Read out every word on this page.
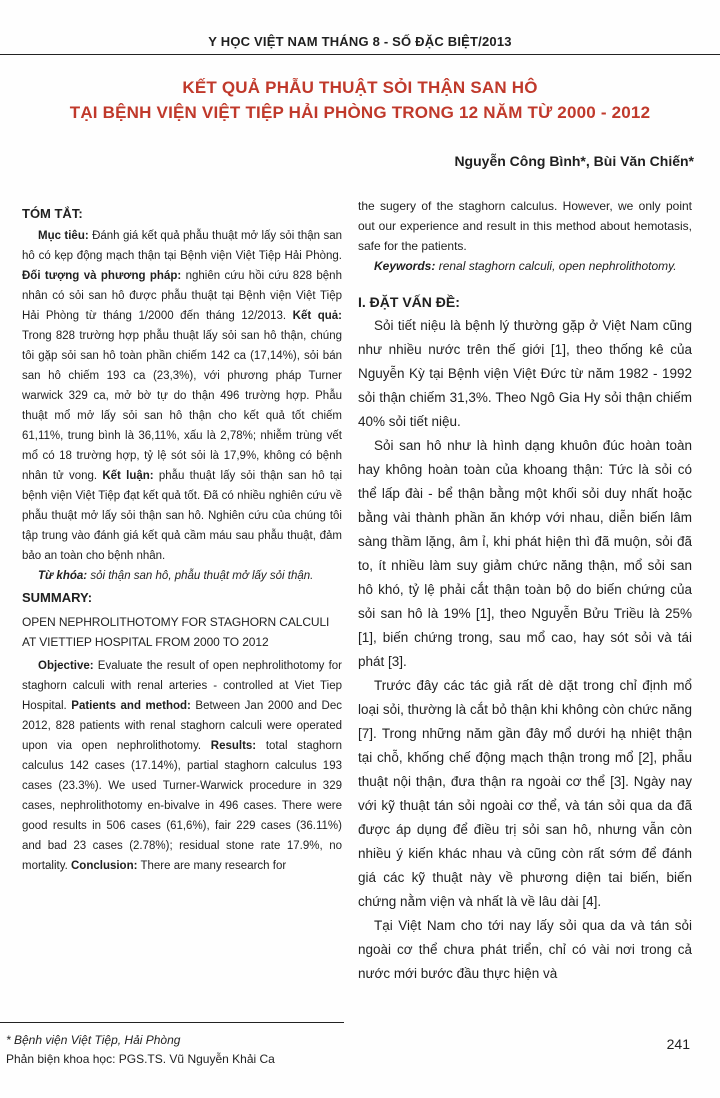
Y HỌC VIỆT NAM THÁNG 8 - SỐ ĐẶC BIỆT/2013
KẾT QUẢ PHẪU THUẬT SỎI THẬN SAN HÔ
TẠI BỆNH VIỆN VIỆT TIỆP HẢI PHÒNG TRONG 12 NĂM TỪ 2000 - 2012
Nguyễn Công Bình*, Bùi Văn Chiến*

TÓM TẮT:

Mục tiêu: Đánh giá kết quả phẫu thuật mở lấy sỏi thận san hô có kẹp động mạch thận tại Bệnh viện Việt Tiệp Hải Phòng. Đối tượng và phương pháp: nghiên cứu hồi cứu 828 bệnh nhân có sỏi san hô được phẫu thuật tại Bệnh viện Việt Tiệp Hải Phòng từ tháng 1/2000 đến tháng 12/2013. Kết quả: Trong 828 trường hợp phẫu thuật lấy sỏi san hô thận, chúng tôi gặp sỏi san hô toàn phần chiếm 142 ca (17,14%), sỏi bán san hô chiếm 193 ca (23,3%), với phương pháp Turner warwick 329 ca, mở bờ tự do thận 496 trường hợp. Phẫu thuật mổ mở lấy sỏi san hô thận cho kết quả tốt chiếm 61,11%, trung bình là 36,11%, xấu là 2,78%; nhiễm trùng vết mổ có 18 trường hợp, tỷ lệ sót sỏi là 17,9%, không có bệnh nhân tử vong. Kết luận: phẫu thuật lấy sỏi thận san hô tại bệnh viện Việt Tiệp đạt kết quả tốt. Đã có nhiều nghiên cứu về phẫu thuật mở lấy sỏi thận san hô. Nghiên cứu của chúng tôi tập trung vào đánh giá kết quả cầm máu sau phẫu thuật, đảm bảo an toàn cho bệnh nhân.

Từ khóa: sỏi thận san hô, phẫu thuật mở lấy sỏi thận.

SUMMARY:

OPEN NEPHROLITHOTOMY FOR STAGHORN CALCULI

AT VIETTIEP HOSPITAL FROM 2000 TO 2012

Objective: Evaluate the result of open nephrolithotomy for staghorn calculi with renal arteries - controlled at Viet Tiep Hospital. Patients and method: Between Jan 2000 and Dec 2012, 828 patients with renal staghorn calculi were operated upon via open nephrolithotomy. Results: total staghorn calculus 142 cases (17.14%), partial staghorn calculus 193 cases (23.3%). We used Turner-Warwick procedure in 329 cases, nephrolithotomy en-bivalve in 496 cases. There were good results in 506 cases (61,6%), fair 229 cases (36.11%) and bad 23 cases (2.78%); residual stone rate 17.9%, no mortality. Conclusion: There are many research for

the sugery of the staghorn calculus. However, we only point out our experience and result in this method about hemotasis, safe for the patients.

Keywords: renal staghorn calculi, open nephrolithotomy.

I. ĐẶT VẤN ĐỀ:

Sỏi tiết niệu là bệnh lý thường gặp ở Việt Nam cũng như nhiều nước trên thế giới [1], theo thống kê của Nguyễn Kỳ tại Bệnh viện Việt Đức từ năm 1982 - 1992 sỏi thận chiếm 31,3%. Theo Ngô Gia Hy sỏi thận chiếm 40% sỏi tiết niệu.

Sỏi san hô như là hình dạng khuôn đúc hoàn toàn hay không hoàn toàn của khoang thận: Tức là sỏi có thể lấp đài - bể thận bằng một khối sỏi duy nhất hoặc bằng vài thành phần ăn khớp với nhau, diễn biến lâm sàng thầm lặng, âm ỉ, khi phát hiện thì đã muộn, sỏi đã to, ít nhiều làm suy giảm chức năng thận, mổ sỏi san hô khó, tỷ lệ phải cắt thận toàn bộ do biến chứng của sỏi san hô là 19% [1], theo Nguyễn Bửu Triều là 25% [1], biến chứng trong, sau mổ cao, hay sót sỏi và tái phát [3].

Trước đây các tác giả rất dè dặt trong chỉ định mổ loại sỏi, thường là cắt bỏ thận khi không còn chức năng [7]. Trong những năm gần đây mổ dưới hạ nhiệt thận tại chỗ, khống chế động mạch thận trong mổ [2], phẫu thuật nội thận, đưa thận ra ngoài cơ thể [3]. Ngày nay với kỹ thuật tán sỏi ngoài cơ thể, và tán sỏi qua da đã được áp dụng để điều trị sỏi san hô, nhưng vẫn còn nhiều ý kiến khác nhau và cũng còn rất sớm để đánh giá các kỹ thuật này về phương diện tai biến, biến chứng nằm viện và nhất là về lâu dài [4].

Tại Việt Nam cho tới nay lấy sỏi qua da và tán sỏi ngoài cơ thể chưa phát triển, chỉ có vài nơi trong cả nước mới bước đầu thực hiện và

* Bệnh viện Việt Tiệp, Hải Phòng
Phản biện khoa học: PGS.TS. Vũ Nguyễn Khải Ca
241
